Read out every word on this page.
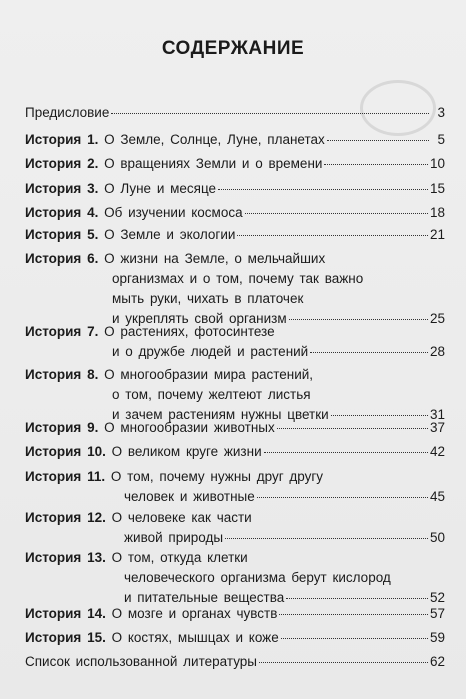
СОДЕРЖАНИЕ
Предисловие	3
История 1. О Земле, Солнце, Луне, планетах	5
История 2. О вращениях Земли и о времени	10
История 3. О Луне и месяце	15
История 4. Об изучении космоса	18
История 5. О Земле и экологии	21
История 6. О жизни на Земле, о мельчайших
организмах и о том, почему так важно
мыть руки, чихать в платочек
и укреплять свой организм	25
История 7. О растениях, фотосинтезе
и о дружбе людей и растений	28
История 8. О многообразии мира растений,
о том, почему желтеют листья
и зачем растениям нужны цветки	31
История 9. О многообразии животных	37
История 10. О великом круге жизни	42
История 11. О том, почему нужны друг другу
человек и животные	45
История 12. О человеке как части
живой природы	50
История 13. О том, откуда клетки
человеческого организма берут кислород
и питательные вещества	52
История 14. О мозге и органах чувств	57
История 15. О костях, мышцах и коже	59
Список использованной литературы	62
